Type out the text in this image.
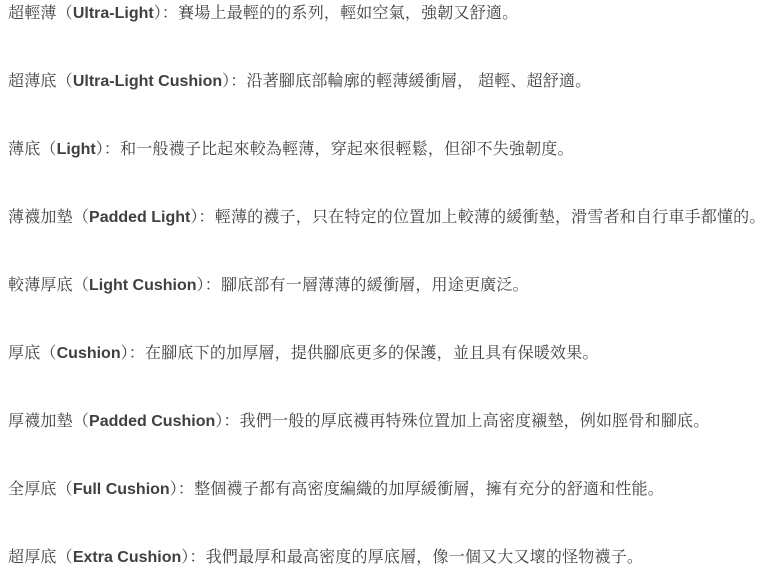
超輕薄（Ultra-Light）：賽場上最輕的的系列，輕如空氣，強韌又舒適。

超薄底（Ultra-Light Cushion）：沿著腳底部輪廓的輕薄緩衝層， 超輕、超舒適。

薄底（Light）：和一般襪子比起來較為輕薄，穿起來很輕鬆，但卻不失強韌度。

薄襪加墊（Padded Light）：輕薄的襪子，只在特定的位置加上較薄的緩衝墊，滑雪者和自行車手都懂的。

較薄厚底（Light Cushion）：腳底部有一層薄薄的緩衝層，用途更廣泛。

厚底（Cushion）：在腳底下的加厚層，提供腳底更多的保護，並且具有保暖效果。

厚襪加墊（Padded Cushion）：我們一般的厚底襪再特殊位置加上高密度襯墊，例如脛骨和腳底。

全厚底（Full Cushion）：整個襪子都有高密度編織的加厚緩衝層，擁有充分的舒適和性能。

超厚底（Extra Cushion）：我們最厚和最高密度的厚底層，像一個又大又壞的怪物襪子。
